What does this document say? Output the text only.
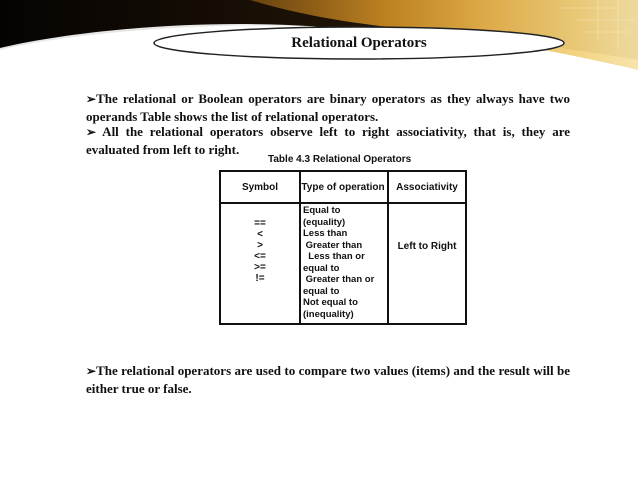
Relational Operators
➢The relational or Boolean operators are binary operators as they always have two operands Table shows the list of relational operators.
➢ All the relational operators observe left to right associativity, that is, they are evaluated from left to right.
Table 4.3 Relational Operators
Symbol
==
<
>
<=
>=
!=
Type of operation
Equal to (equality)
Less than
Greater than
Less than or
equal to
Greater than or
equal to
Not equal to
(inequality)
Associativity
Left to Right
➢The relational operators are used to compare two values (items) and the result will be either true or false.
